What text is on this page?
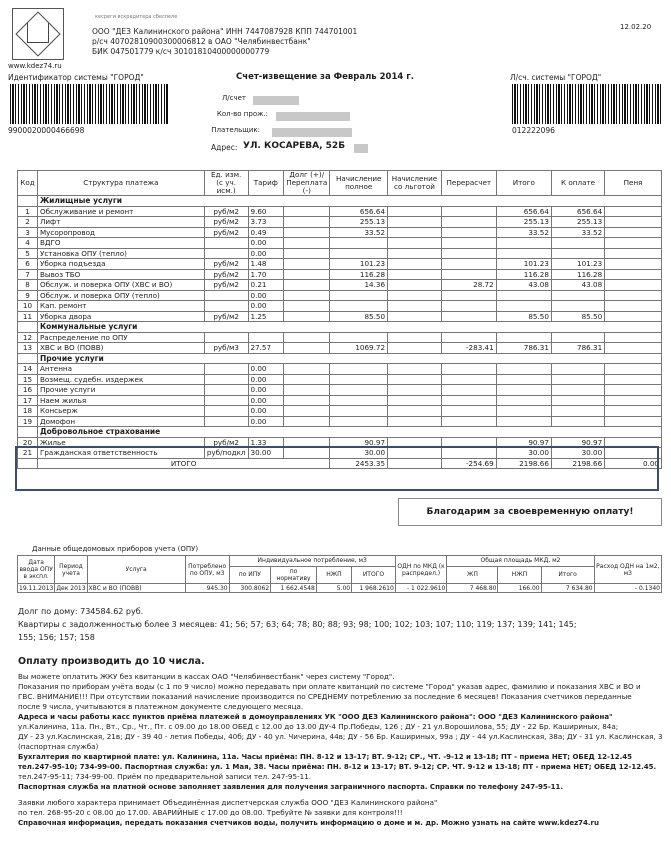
www.kdez74.ru
кесреги вскредитера сбеспеле
ООО "ДЕЗ Калининского района" ИНН 7447087928 КПП 744701001
р/сч 40702810900300006812 в ОАО "Челябинвестбанк"
БИК 047501779 к/сч 30101810400000000779
12.02.20
Идентификатор системы "ГОРОД"
9900020000466698
Л/сч. системы "ГОРОД"
012222096
Счет-извещение за Февраль 2014 г.
Л/счет
Кол-во прож.:
Плательщик:
Адрес: УЛ. КОСАРЕВА, 52Б
Код	Структура платежа	Ед. изм. (с уч. исм.)	Тариф	Долг (+)/ Переплата (-)	Начисление полное	Начисление со льготой	Перерасчет	Итого	К оплате	Пеня
	Жилищные услуги									
1	Обслуживание и ремонт	руб/м2	9.60		656.64			656.64	656.64	
2	Лифт	руб/м2	3.73		255.13			255.13	255.13	
3	Мусоропровод	руб/м2	0.49		33.52			33.52	33.52	
4	ВДГО		0.00							
5	Установка ОПУ (тепло)		0.00							
6	Уборка подъезда	руб/м2	1.48		101.23			101.23	101.23	
7	Вывоз ТБО	руб/м2	1.70		116.28			116.28	116.28	
8	Обслуж. и поверка ОПУ (ХВС и ВО)	руб/м2	0.21		14.36		28.72	43.08	43.08	
9	Обслуж. и поверка ОПУ (тепло)		0.00							
10	Кап. ремонт		0.00							
11	Уборка двора	руб/м2	1.25		85.50			85.50	85.50	
	Коммунальные услуги									
12	Распределение по ОПУ									
13	ХВС и ВО (ПОВВ)	руб/м3	27.57		1069.72		-283.41	786.31	786.31	
	Прочие услуги									
14	Антенна		0.00							
15	Возмещ. судебн. издержек		0.00							
16	Прочие услуги		0.00							
17	Наем жилья		0.00							
18	Консьерж		0.00							
19	Домофон		0.00							
	Добровольное страхование									
20	Жилье	руб/м2	1.33		90.97			90.97	90.97	
21	Гражданская ответственность	руб/подкл	30.00		30.00			30.00	30.00	
	ИТОГО				2453.35		-254.69	2198.66	2198.66	0.00
Благодарим за своевременную оплату!
Данные общедомовых приборов учета (ОПУ)
Дата ввода ОПУ в экспл.	Период учета	Услуга	Потреблено по ОПУ, м3	Индивидуальное потребление, м3				ОДН по МКД (к распредел.)	Общая площадь МКД, м2			Расход ОДН на 1м2, м3
				по ИПУ	по нормативу	НЖП	ИТОГО		ЖП	НЖП	Итого	
19.11.2013	Дек 2013	ХВС и ВО (ПОВВ)	945.30	300.8062	1 662.4548	5.00	1 968.2610	- 1 022.9610	7 468.80	166.00	7 634.80	- 0.1340
Долг по дому: 734584.62 руб.
Квартиры с задолженностью более 3 месяцев: 41; 56; 57; 63; 64; 78; 80; 88; 93; 98; 100; 102; 103; 107; 110; 119; 137; 139; 141; 145;
155; 156; 157; 158
Оплату производить до 10 числа.
Вы можете оплатить ЖКУ без квитанции в кассах ОАО "Челябинвестбанк" через систему "Город".
Показания по приборам учёта воды (с 1 по 9 число) можно передавать при оплате квитанций по системе "Город" указав адрес, фамилию и показания ХВС и ВО и
ГВС. ВНИМАНИЕ!!! При отсутствии показаний начисление производится по СРЕДНЕМУ потреблению за последние 6 месяцев! Показания счетчиков переданные
после 9 числа, учитываются в платежном документе следующего месяца.
Адреса и часы работы касс пунктов приёма платежей в домоуправлениях УК "ООО ДЕЗ Калининского района": ООО "ДЕЗ Калининского района"
ул.Калинина, 11а. Пн., Вт., Ср., Чт., Пт. с 09.00 до 18.00 ОБЕД с 12.00 до 13.00 ДУ-4 Пр.Победы, 126 ; ДУ - 21 ул.Ворошилова, 55; ДУ - 22 Бр. Кашириных, 84а;
ДУ - 23 ул.Каслинская, 21в; ДУ - 39 40 - летия Победы, 40б; ДУ - 40 ул. Чичерина, 44в; ДУ - 56 Бр. Кашириных, 99а ; ДУ - 44 ул.Каслинская, 38а; ДУ - 31 ул. Каслинская, 3
(паспортная служба)
Бухгалтерия по квартирной плате: ул. Калинина, 11а. Часы приёма: ПН. 8-12 и 13-17; ВТ. 9-12; СР., ЧТ. -9-12 и 13-18; ПТ - приема НЕТ; ОБЕД 12-12.45
тел.247-95-10; 734-99-00. Паспортная служба: ул. 1 Мая, 38. Часы приёма: ПН. 8-12 и 13-17; ВТ. 9-12; СР. ЧТ. 9-12 и 13-18; ПТ - приема НЕТ; ОБЕД 12-12.45.
тел.247-95-11; 734-99-00. Приём по предварительной записи тел. 247-95-11.
Паспортная служба на платной основе заполняет заявления для получения заграничного паспорта. Справки по телефону 247-95-11.
Заявки любого характера принимает Объединённая диспетчерская служба ООО "ДЕЗ Калининского района"
по тел. 268-95-20 с 08.00 до 17.00. АВАРИЙНЫЕ с 17.00 до 08.00. Требуйте № заявки для контроля!!!
Справочная информация, передать показания счетчиков воды, получить информацию о доме и м. др. Можно узнать на сайте www.kdez74.ru
